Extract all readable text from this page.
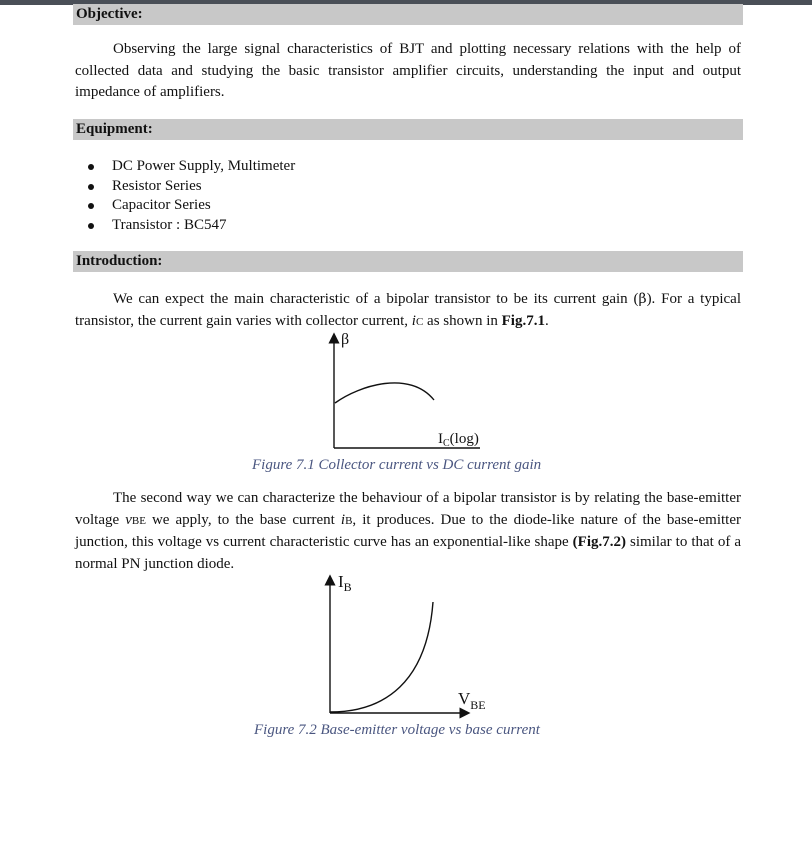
Objective:

Observing the large signal characteristics of BJT and plotting necessary relations with the help of collected data and studying the basic transistor amplifier circuits, understanding the input and output impedance of amplifiers.

Equipment:
DC Power Supply, Multimeter
Resistor Series
Capacitor Series
Transistor : BC547
Introduction:

We can expect the main characteristic of a bipolar transistor to be its current gain (β). For a typical transistor, the current gain varies with collector current, iC as shown in Fig.7.1.

β
$I_C(\log)$
Figure 7.1 Collector current vs DC current gain

The second way we can characterize the behaviour of a bipolar transistor is by relating the base-emitter voltage vBE we apply, to the base current iB, it produces. Due to the diode-like nature of the base-emitter junction, this voltage vs current characteristic curve has an exponential-like shape (Fig.7.2) similar to that of a normal PN junction diode.

$I_B$
$V_{BE}$
Figure 7.2 Base-emitter voltage vs base current
